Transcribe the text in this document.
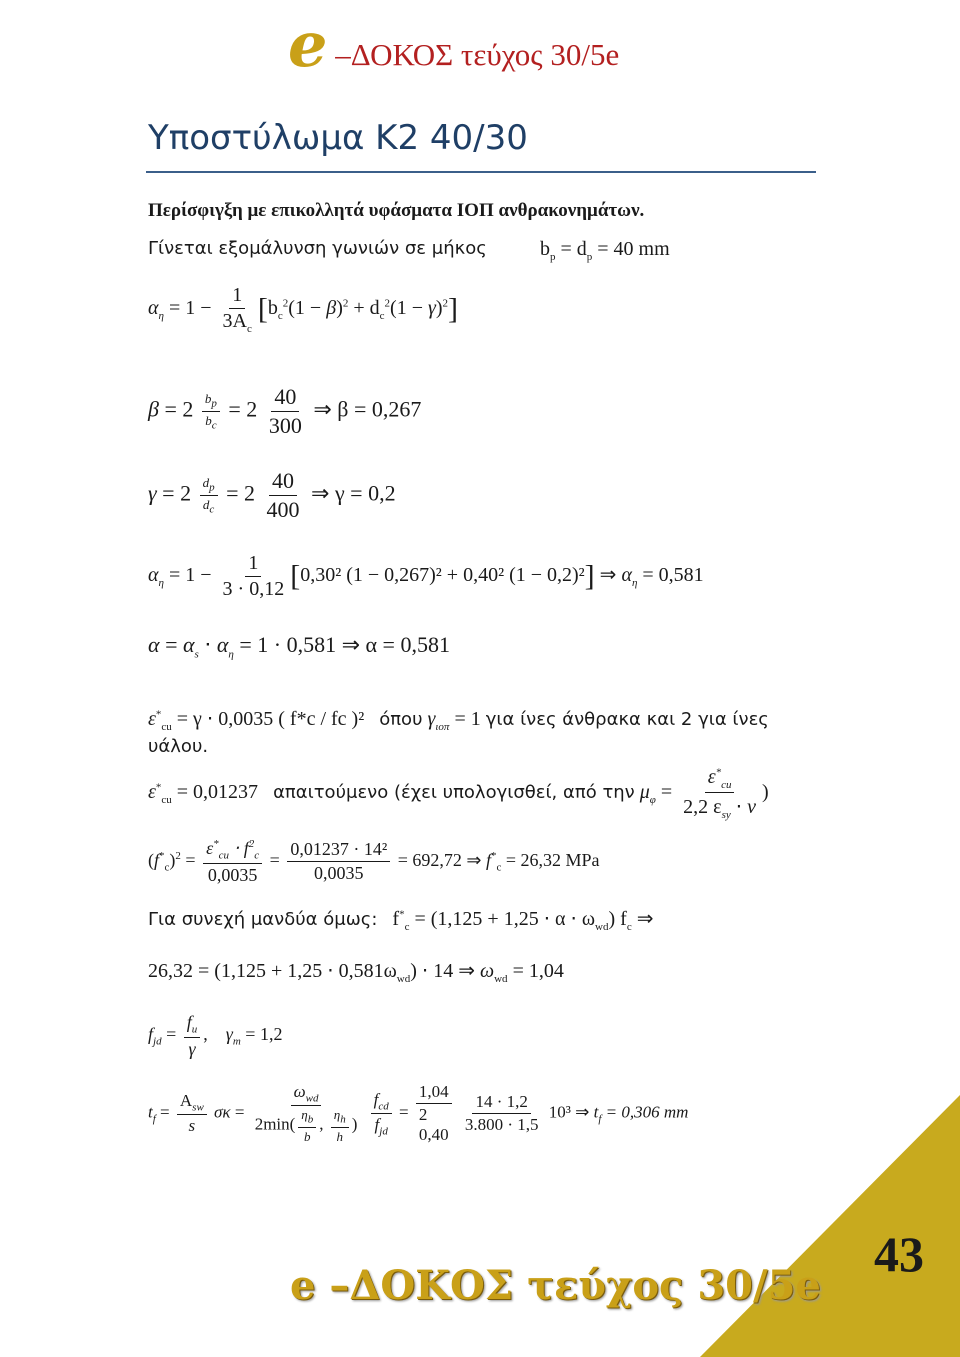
e –ΔΟΚΟΣ τεύχος 30/5e
Υποστύλωμα Κ2 40/30
Περίσφιγξη με επικολλητά υφάσματα ΙΟΠ ανθρακονημάτων.
Γίνεται εξομάλυνση γωνιών σε μήκος	$b_p = d_p = 40$ mm
$\alpha_\eta = 1 - \frac{1}{3A_c} [b_c^2(1 - \beta)^2 + d_c^2(1 - \gamma)^2]$
$\beta = 2 \frac{b_p}{b_c} = 2 \frac{40}{300}$ ⇒ β = 0,267
$\gamma = 2 \frac{d_p}{d_c} = 2 \frac{40}{400}$ ⇒ γ = 0,2
$\alpha_\eta = 1 - \frac{1}{3 \cdot 0,12} [0,30^2$ (1 − 0,267)² + 0,40² (1 − 0,2)²] ⇒ $\alpha_\eta = 0,581$
$\alpha = \alpha_s \cdot \alpha_\eta = 1 \cdot 0,581$ ⇒ α = 0,581
$\varepsilon^*_{cu} = \gamma \cdot 0,0035$ ( f*c / fc )² όπου $\gamma_{\iota o\pi} = 1$ για ίνες άνθρακα και 2 για ίνες
υάλου.
$\varepsilon^*_{cu} = 0,01237$ απαιτούμενο (έχει υπολογισθεί, από την $\mu_\varphi = \frac{\varepsilon^*_{cu}}{2,2 \varepsilon_{sy} \cdot \nu}$ )
$(f^*_c)^2 = \frac{\varepsilon^*_{cu} \cdot f^2_c}{0,0035} = \frac{\text{0,01237 · 14²}}{0,0035} = 692,72$ ⇒ $f^*_c = 26,32$ MPa
Για συνεχή μανδύα όμως:   $f^*_c = (1,125 + 1,25 \cdot \alpha \cdot \omega_{wd})$ $f_c$ ⇒
$26,32 = (1,125 + 1,25 \cdot 0,581\omega_{wd}) \cdot 14$ ⇒ $\omega_{wd} = 1,04$
$f_{jd} = \frac{f_u}{\gamma}$ ,    $\gamma_m = 1,2$
$t_f = \frac{A_{sw}}{s}$ $\sigma\kappa = \frac{\omega_{wd}}{2\min( \frac{\eta_b}{b} , \frac{\eta_h}{h} )}$
$\frac{f_{cd}}{f_{jd}}$ =
1,04
2
0,40
$\frac{14 \cdot 1,2}{3.800 \cdot 1,5} 10^3$ ⇒ $t_f = 0,306$ mm
43
e –ΔΟΚΟΣ τεύχος 30/5e
